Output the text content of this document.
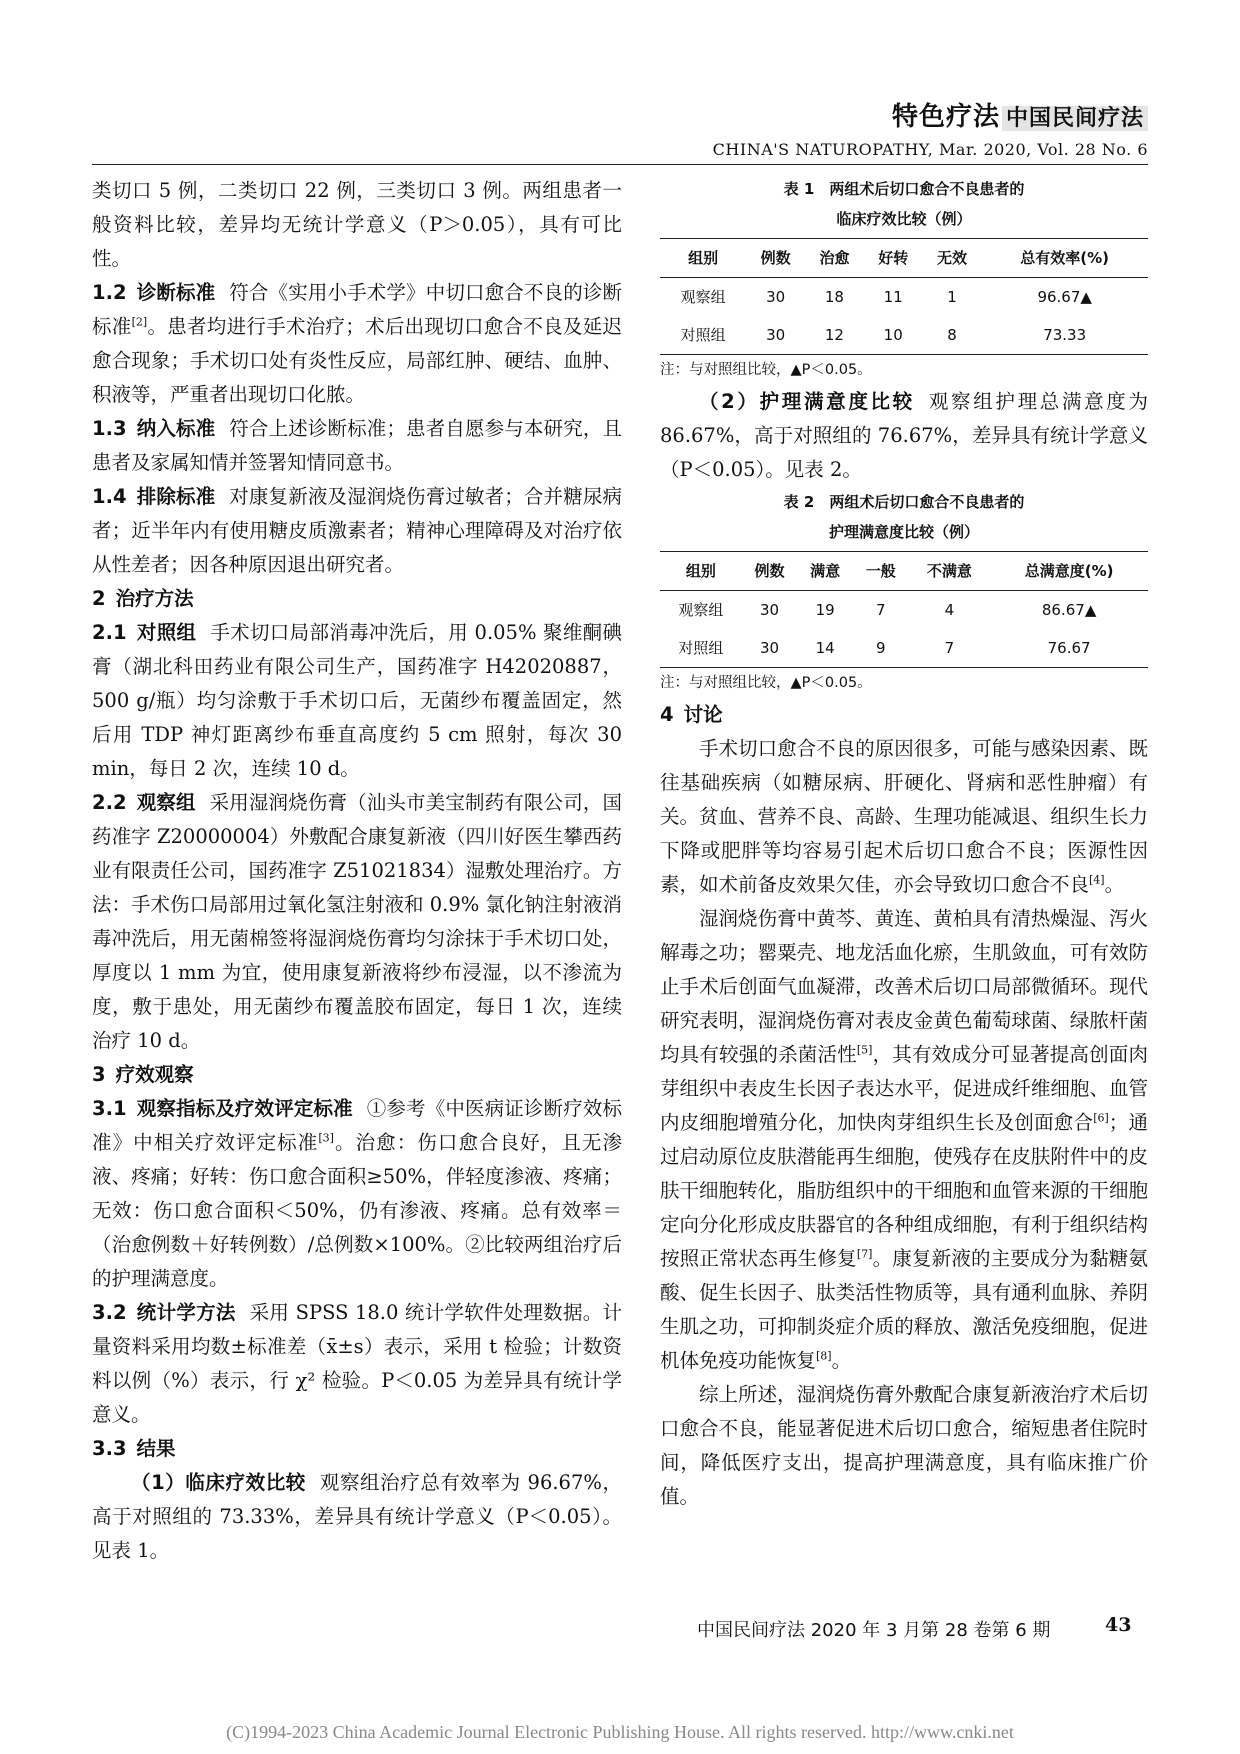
特色疗法 中国民间疗法
CHINA'S NATUROPATHY, Mar. 2020, Vol. 28 No. 6

类切口 5 例，二类切口 22 例，三类切口 3 例。两组患者一般资料比较，差异均无统计学意义（P＞0.05），具有可比性。

1.2 诊断标准 符合《实用小手术学》中切口愈合不良的诊断标准[2]。患者均进行手术治疗；术后出现切口愈合不良及延迟愈合现象；手术切口处有炎性反应，局部红肿、硬结、血肿、积液等，严重者出现切口化脓。

1.3 纳入标准 符合上述诊断标准；患者自愿参与本研究，且患者及家属知情并签署知情同意书。

1.4 排除标准 对康复新液及湿润烧伤膏过敏者；合并糖尿病者；近半年内有使用糖皮质激素者；精神心理障碍及对治疗依从性差者；因各种原因退出研究者。

2 治疗方法

2.1 对照组 手术切口局部消毒冲洗后，用 0.05% 聚维酮碘膏（湖北科田药业有限公司生产，国药准字 H42020887，500 g/瓶）均匀涂敷于手术切口后，无菌纱布覆盖固定，然后用 TDP 神灯距离纱布垂直高度约 5 cm 照射，每次 30 min，每日 2 次，连续 10 d。

2.2 观察组 采用湿润烧伤膏（汕头市美宝制药有限公司，国药准字 Z20000004）外敷配合康复新液（四川好医生攀西药业有限责任公司，国药准字 Z51021834）湿敷处理治疗。方法：手术伤口局部用过氧化氢注射液和 0.9% 氯化钠注射液消毒冲洗后，用无菌棉签将湿润烧伤膏均匀涂抹于手术切口处，厚度以 1 mm 为宜，使用康复新液将纱布浸湿，以不渗流为度，敷于患处，用无菌纱布覆盖胶布固定，每日 1 次，连续治疗 10 d。

3 疗效观察

3.1 观察指标及疗效评定标准 ①参考《中医病证诊断疗效标准》中相关疗效评定标准[3]。治愈：伤口愈合良好，且无渗液、疼痛；好转：伤口愈合面积≥50%，伴轻度渗液、疼痛；无效：伤口愈合面积＜50%，仍有渗液、疼痛。总有效率＝（治愈例数＋好转例数）/总例数×100%。②比较两组治疗后的护理满意度。

3.2 统计学方法 采用 SPSS 18.0 统计学软件处理数据。计量资料采用均数±标准差（x̄±s）表示，采用 t 检验；计数资料以例（%）表示，行 χ² 检验。P＜0.05 为差异具有统计学意义。

3.3 结果

（1）临床疗效比较 观察组治疗总有效率为 96.67%，高于对照组的 73.33%，差异具有统计学意义（P＜0.05）。见表 1。

表 1　两组术后切口愈合不良患者的
临床疗效比较（例）
组别	例数	治愈	好转	无效	总有效率(%)
观察组	30	18	11	1	96.67▲
对照组	30	12	10	8	73.33
注：与对照组比较，▲P＜0.05。

（2）护理满意度比较 观察组护理总满意度为 86.67%，高于对照组的 76.67%，差异具有统计学意义（P＜0.05）。见表 2。

表 2　两组术后切口愈合不良患者的
护理满意度比较（例）
组别	例数	满意	一般	不满意	总满意度(%)
观察组	30	19	7	4	86.67▲
对照组	30	14	9	7	76.67
注：与对照组比较，▲P＜0.05。

4 讨论

手术切口愈合不良的原因很多，可能与感染因素、既往基础疾病（如糖尿病、肝硬化、肾病和恶性肿瘤）有关。贫血、营养不良、高龄、生理功能减退、组织生长力下降或肥胖等均容易引起术后切口愈合不良；医源性因素，如术前备皮效果欠佳，亦会导致切口愈合不良[4]。

湿润烧伤膏中黄芩、黄连、黄柏具有清热燥湿、泻火解毒之功；罂粟壳、地龙活血化瘀，生肌敛血，可有效防止手术后创面气血凝滞，改善术后切口局部微循环。现代研究表明，湿润烧伤膏对表皮金黄色葡萄球菌、绿脓杆菌均具有较强的杀菌活性[5]，其有效成分可显著提高创面肉芽组织中表皮生长因子表达水平，促进成纤维细胞、血管内皮细胞增殖分化，加快肉芽组织生长及创面愈合[6]；通过启动原位皮肤潜能再生细胞，使残存在皮肤附件中的皮肤干细胞转化，脂肪组织中的干细胞和血管来源的干细胞定向分化形成皮肤器官的各种组成细胞，有利于组织结构按照正常状态再生修复[7]。康复新液的主要成分为黏糖氨酸、促生长因子、肽类活性物质等，具有通利血脉、养阴生肌之功，可抑制炎症介质的释放、激活免疫细胞，促进机体免疫功能恢复[8]。

综上所述，湿润烧伤膏外敷配合康复新液治疗术后切口愈合不良，能显著促进术后切口愈合，缩短患者住院时间，降低医疗支出，提高护理满意度，具有临床推广价值。

中国民间疗法 2020 年 3 月第 28 卷第 6 期	43
(C)1994-2023 China Academic Journal Electronic Publishing House. All rights reserved. http://www.cnki.net
